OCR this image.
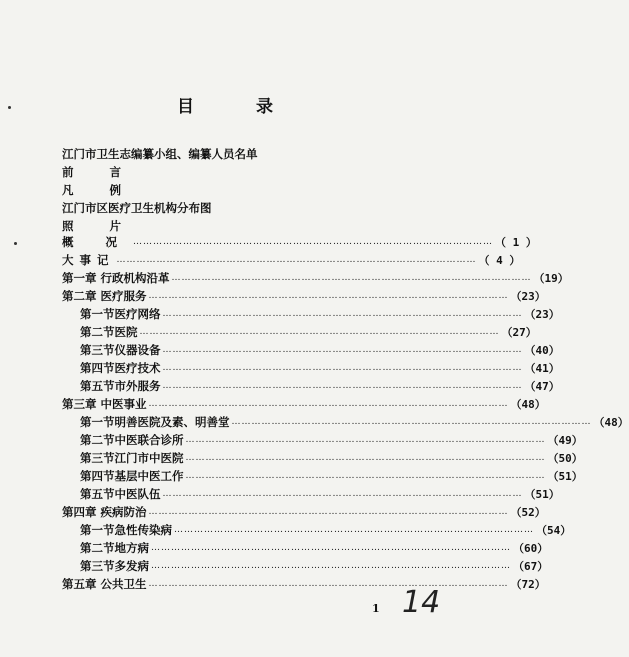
目 录
江门市卫生志编纂小组、编纂人员名单
前 言
凡 例
江门市区医疗卫生机构分布图
照 片
概 况 ……………………………………………………………………………………………… （ 1 ）
大事记 ……………………………………………………………………………………………… （ 4 ）
第一章 行政机构沿革 ……………………………………………………………………………………………… （19）
第二章 医疗服务 ……………………………………………………………………………………………… （23）
第一节 医疗网络 ……………………………………………………………………………………………… （23）
第二节 医院 ……………………………………………………………………………………………… （27）
第三节 仪器设备 ……………………………………………………………………………………………… （40）
第四节 医疗技术 ……………………………………………………………………………………………… （41）
第五节 市外服务 ……………………………………………………………………………………………… （47）
第三章 中医事业 ……………………………………………………………………………………………… （48）
第一节 明善医院及素、明善堂 ……………………………………………………………………………………………… （48）
第二节 中医联合诊所 ……………………………………………………………………………………………… （49）
第三节 江门市中医院 ……………………………………………………………………………………………… （50）
第四节 基层中医工作 ……………………………………………………………………………………………… （51）
第五节 中医队伍 ……………………………………………………………………………………………… （51）
第四章 疾病防治 ……………………………………………………………………………………………… （52）
第一节 急性传染病 ……………………………………………………………………………………………… （54）
第二节 地方病 ……………………………………………………………………………………………… （60）
第三节 多发病 ……………………………………………………………………………………………… （67）
第五章 公共卫生 ……………………………………………………………………………………………… （72）
1 14
